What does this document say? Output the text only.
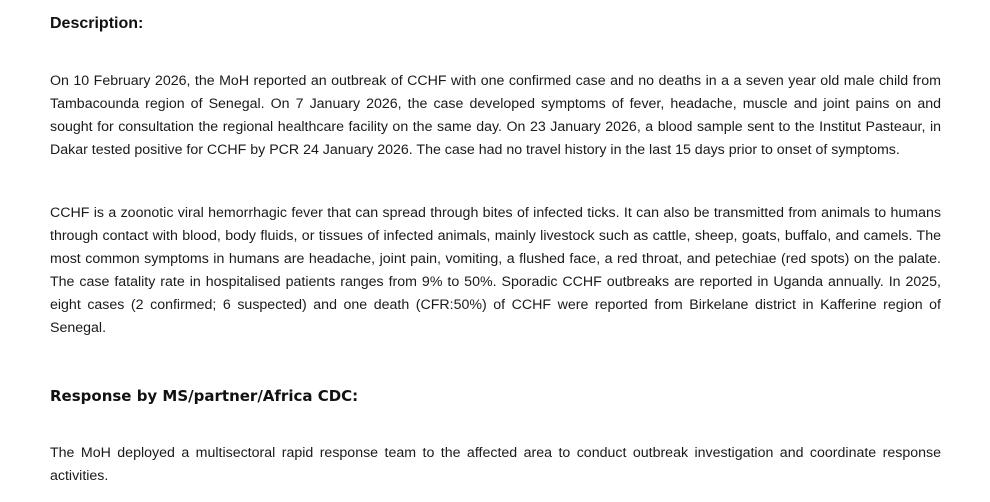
Description:

On 10 February 2026, the MoH reported an outbreak of CCHF with one confirmed case and no deaths in a a seven year old male child from Tambacounda region of Senegal. On 7 January 2026, the case developed symptoms of fever, headache, muscle and joint pains on and sought for consultation the regional healthcare facility on the same day. On 23 January 2026, a blood sample sent to the Institut Pasteaur, in Dakar tested positive for CCHF by PCR 24 January 2026. The case had no travel history in the last 15 days prior to onset of symptoms.

CCHF is a zoonotic viral hemorrhagic fever that can spread through bites of infected ticks. It can also be transmitted from animals to humans through contact with blood, body fluids, or tissues of infected animals, mainly livestock such as cattle, sheep, goats, buffalo, and camels. The most common symptoms in humans are headache, joint pain, vomiting, a flushed face, a red throat, and petechiae (red spots) on the palate. The case fatality rate in hospitalised patients ranges from 9% to 50%. Sporadic CCHF outbreaks are reported in Uganda annually. In 2025, eight cases (2 confirmed; 6 suspected) and one death (CFR:50%) of CCHF were reported from Birkelane district in Kafferine region of Senegal.

Response by MS/partner/Africa CDC:

The MoH deployed a multisectoral rapid response team to the affected area to conduct outbreak investigation and coordinate response activities.
